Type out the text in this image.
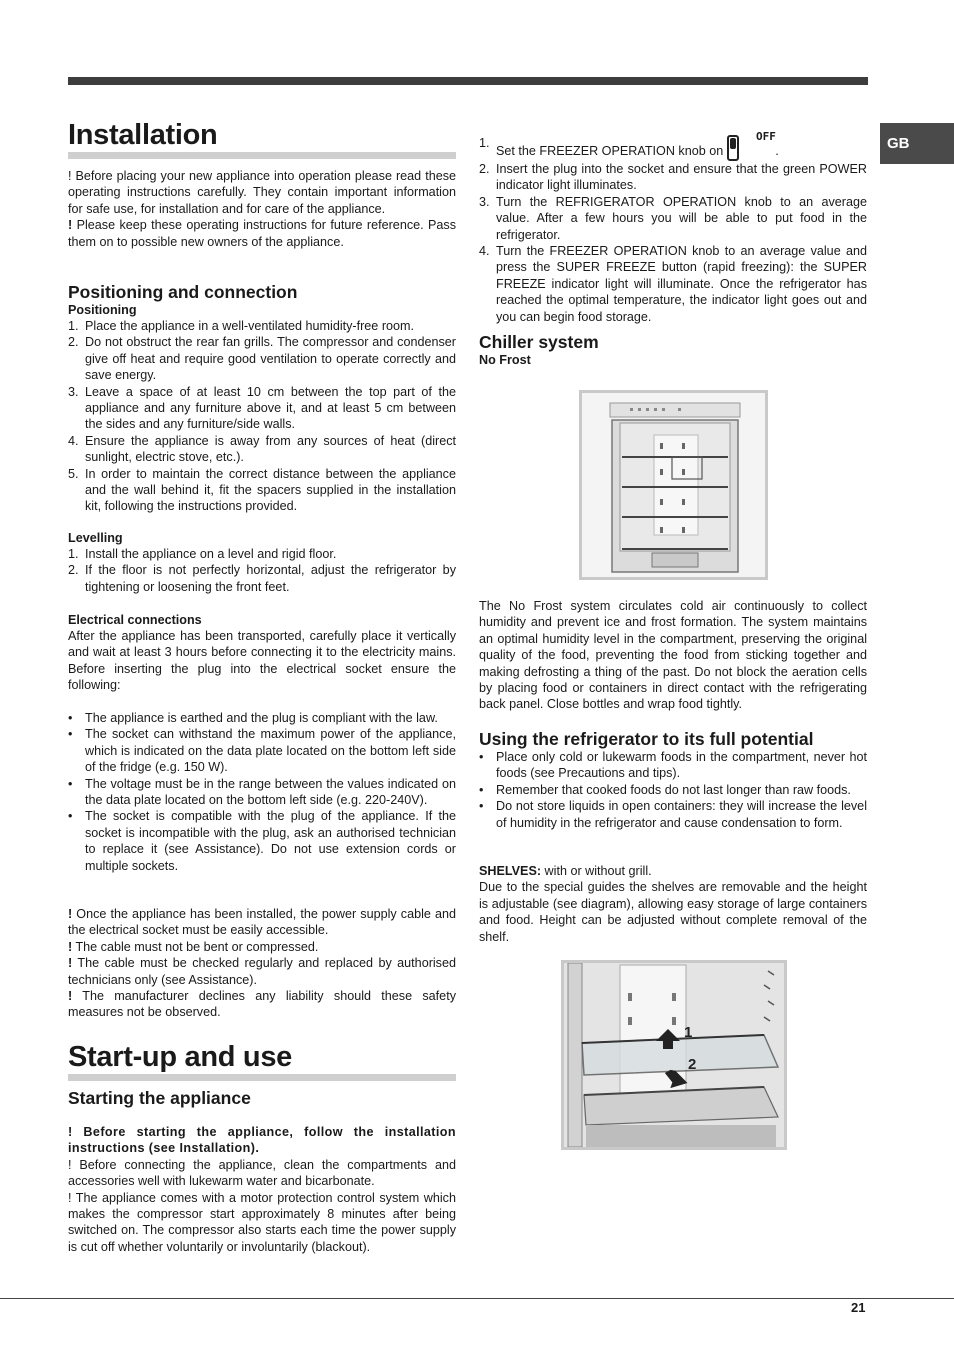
GB
Installation

! Before placing your new appliance into operation please read these operating instructions carefully. They contain important information for safe use, for installation and for care of the appliance.

! Please keep these operating instructions for future reference. Pass them on to possible new owners of the appliance.

Positioning and connection
Positioning
1. Place the appliance in a well-ventilated humidity-free room.
2. Do not obstruct the rear fan grills. The compressor and condenser give off heat and require good ventilation to operate correctly and save energy.
3. Leave a space of at least 10 cm between the top part of the appliance and any furniture above it, and at least 5 cm between the sides and any furniture/side walls.
4. Ensure the appliance is away from any sources of heat (direct sunlight, electric stove, etc.).
5. In order to maintain the correct distance between the appliance and the wall behind it, fit the spacers supplied in the installation kit, following the instructions provided.
Levelling
1. Install the appliance on a level and rigid floor.
2. If the floor is not perfectly horizontal, adjust the refrigerator by tightening or loosening the front feet.
Electrical connections

After the appliance has been transported, carefully place it vertically and wait at least 3 hours before connecting it to the electricity mains. Before inserting the plug into the electrical socket ensure the following:

• The appliance is earthed and the plug is compliant with the law.
• The socket can withstand the maximum power of the appliance, which is indicated on the data plate located on the bottom left side of the fridge (e.g. 150 W).
• The voltage must be in the range between the values indicated on the data plate located on the bottom left side (e.g. 220-240V).
• The socket is compatible with the plug of the appliance. If the socket is incompatible with the plug, ask an authorised technician to replace it (see Assistance). Do not use extension cords or multiple sockets.

! Once the appliance has been installed, the power supply cable and the electrical socket must be easily accessible.

! The cable must not be bent or compressed.

! The cable must be checked regularly and replaced by authorised technicians only (see Assistance).

! The manufacturer declines any liability should these safety measures not be observed.

Start-up and use
Starting the appliance

! Before starting the appliance, follow the installation instructions (see Installation).

! Before connecting the appliance, clean the compartments and accessories well with lukewarm water and bicarbonate.

! The appliance comes with a motor protection control system which makes the compressor start approximately 8 minutes after being switched on. The compressor also starts each time the power supply is cut off whether voluntarily or involuntarily (blackout).

OFF
1.
Set the FREEZER OPERATION knob on	.
2. Insert the plug into the socket and ensure that the green POWER indicator light illuminates.
3. Turn the REFRIGERATOR OPERATION knob to an average value. After a few hours you will be able to put food in the refrigerator.
4. Turn the FREEZER OPERATION knob to an average value and press the SUPER FREEZE button (rapid freezing): the SUPER FREEZE indicator light will illuminate. Once the refrigerator has reached the optimal temperature, the indicator light goes out and you can begin food storage.
Chiller system
No Frost

The No Frost system circulates cold air continuously to collect humidity and prevent ice and frost formation. The system maintains an optimal humidity level in the compartment, preserving the original quality of the food, preventing the food from sticking together and making defrosting a thing of the past. Do not block the aeration cells by placing food or containers in direct contact with the refrigerating back panel. Close bottles and wrap food tightly.

Using the refrigerator to its full potential
• Place only cold or lukewarm foods in the compartment, never hot foods (see Precautions and tips).
• Remember that cooked foods do not last longer than raw foods.
• Do not store liquids in open containers: they will increase the level of humidity in the refrigerator and cause condensation to form.

SHELVES: with or without grill.

Due to the special guides the shelves are removable and the height is adjustable (see diagram), allowing easy storage of large containers and food. Height can be adjusted without complete removal of the shelf.

1
2
21
